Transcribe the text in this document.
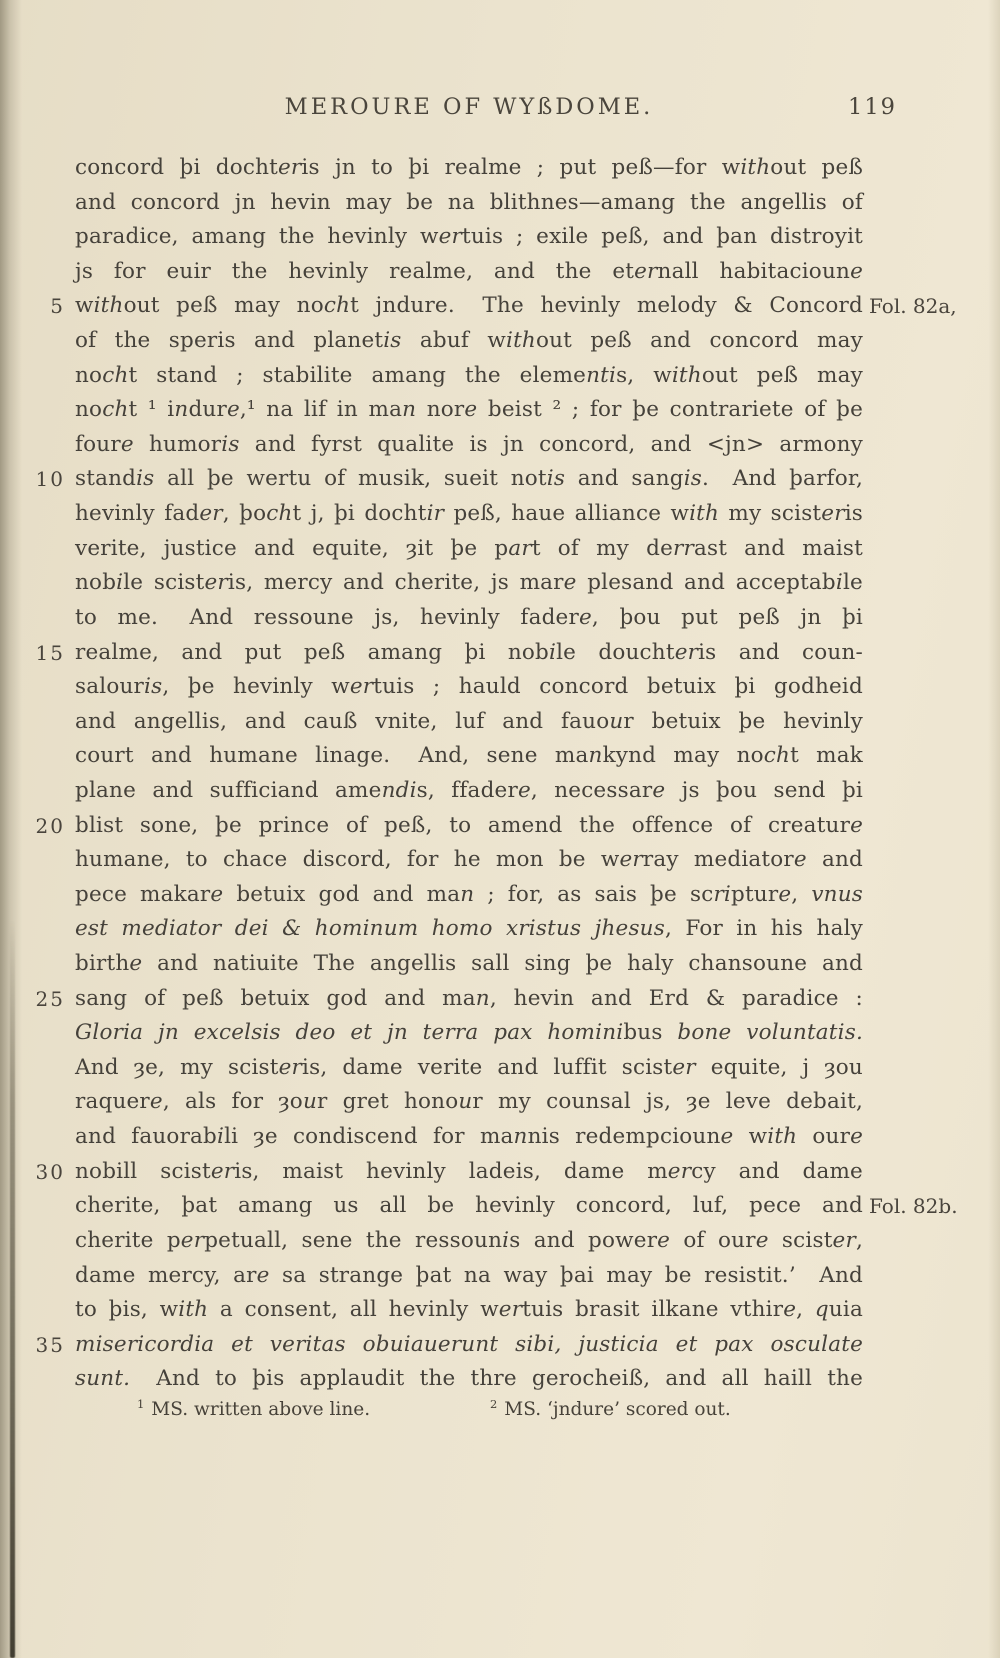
MEROURE OF WYßDOME.	119
concord þi dochteris jn to þi realme ; put peß—for without peß
and concord jn hevin may be na blithnes—amang the angellis of
paradice, amang the hevinly wertuis ; exile peß, and þan distroyit
js for euir the hevinly realme, and the eternall habitacioune
5 without peß may nocht jndure.  The hevinly melody & Concord Fol. 82a,
of the speris and planetis abuf without peß and concord may
nocht stand ; stabilite amang the elementis, without peß may
nocht ¹ indure,¹ na lif in man nore beist ² ; for þe contrariete of þe
foure humoris and fyrst qualite is jn concord, and <jn> armony
10 standis all þe wertu of musik, sueit notis and sangis.  And þarfor,
hevinly fader, þocht j, þi dochtir peß, haue alliance with my scisteris
verite, justice and equite, ȝit þe part of my derrast and maist
nobile scisteris, mercy and cherite, js mare plesand and acceptabile
to me.  And ressoune js, hevinly fadere, þou put peß jn þi
15 realme, and put peß amang þi nobile douchteris and coun-
salouris, þe hevinly wertuis ; hauld concord betuix þi godheid
and angellis, and cauß vnite, luf and fauour betuix þe hevinly
court and humane linage.  And, sene mankynd may nocht mak
plane and sufficiand amendis, ffadere, necessare js þou send þi
20 blist sone, þe prince of peß, to amend the offence of creature
humane, to chace discord, for he mon be werray mediatore and
pece makare betuix god and man ; for, as sais þe scripture, vnus
est mediator dei & hominum homo xristus jhesus, For in his haly
birthe and natiuite The angellis sall sing þe haly chansoune and
25 sang of peß betuix god and man, hevin and Erd & paradice :
Gloria jn excelsis deo et jn terra pax hominibus bone voluntatis.
And ȝe, my scisteris, dame verite and luffit scister equite, j ȝou
raquere, als for ȝour gret honour my counsal js, ȝe leve debait,
and fauorabili ȝe condiscend for mannis redempcioune with oure
30 nobill scisteris, maist hevinly ladeis, dame mercy and dame
cherite, þat amang us all be hevinly concord, luf, pece and Fol. 82b.
cherite perpetuall, sene the ressounis and powere of oure scister,
dame mercy, are sa strange þat na way þai may be resistit.’  And
to þis, with a consent, all hevinly wertuis brasit ilkane vthire, quia
35 misericordia et veritas obuiauerunt sibi, justicia et pax osculate
sunt.  And to þis applaudit the thre gerocheiß, and all haill the
$^1$ MS. written above line.	$^2$ MS. ‘jndure’ scored out.
